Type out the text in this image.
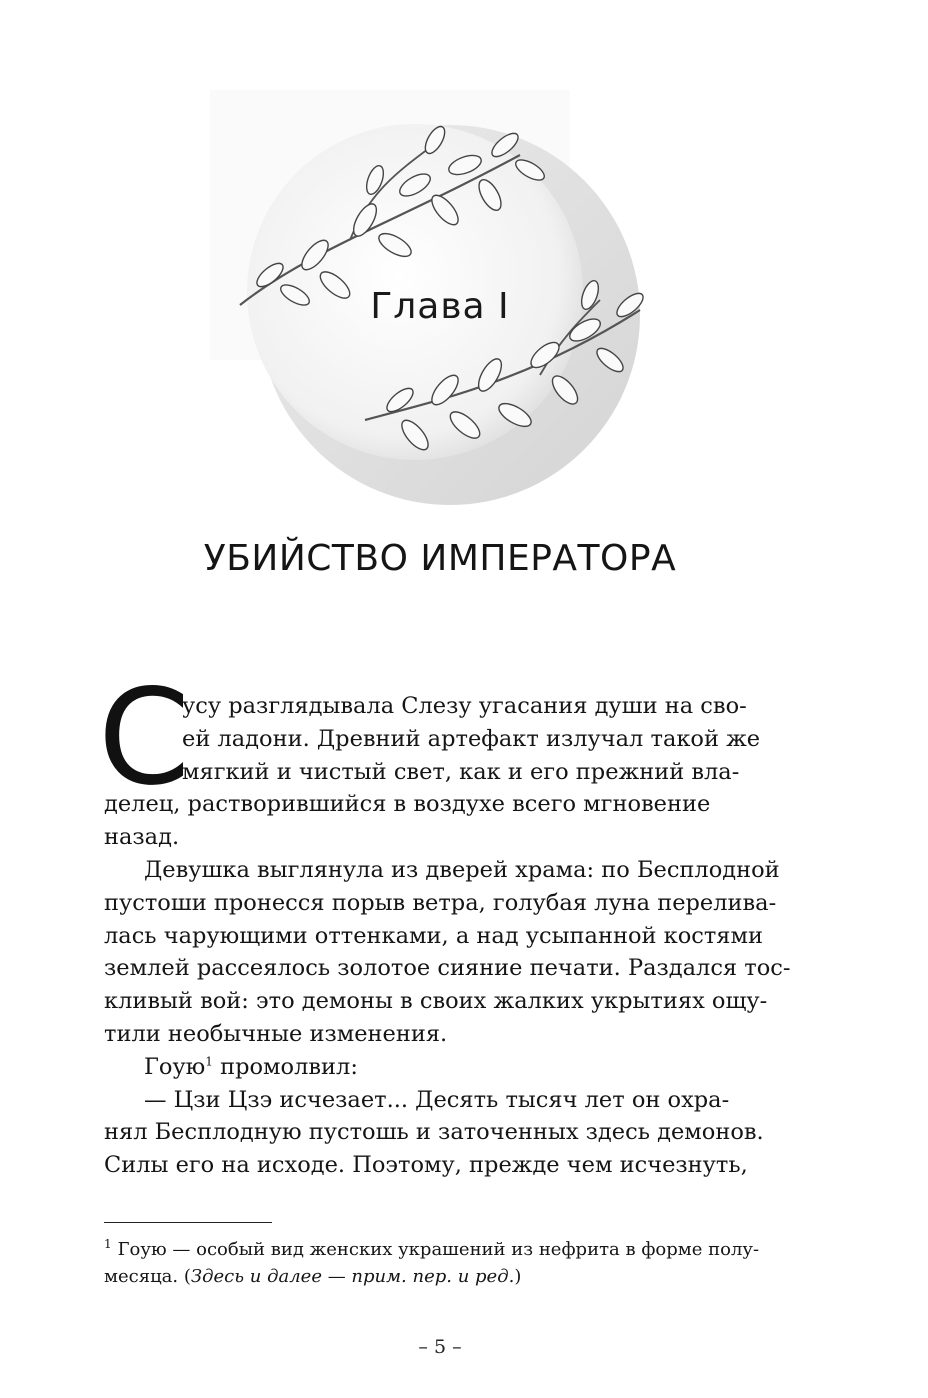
Глава I
УБИЙСТВО ИМПЕРАТОРА
С
усу разглядывала Слезу угасания души на сво-
ей ладони. Древний артефакт излучал такой же
мягкий и чистый свет, как и его прежний вла-
делец, растворившийся в воздухе всего мгновение
назад.
Девушка выглянула из дверей храма: по Бесплодной
пустоши пронесся порыв ветра, голубая луна перелива-
лась чарующими оттенками, а над усыпанной костями
землей рассеялось золотое сияние печати. Раздался тос-
кливый вой: это демоны в своих жалких укрытиях ощу-
тили необычные изменения.
Гоую$^1$ промолвил:
— Цзи Цзэ исчезает... Десять тысяч лет он охра-
нял Бесплодную пустошь и заточенных здесь демонов.
Силы его на исходе. Поэтому, прежде чем исчезнуть,
$^1$ Гоую — особый вид женских украшений из нефрита в форме полу-
месяца. (Здесь и далее — прим. пер. и ред.)
– 5 –
